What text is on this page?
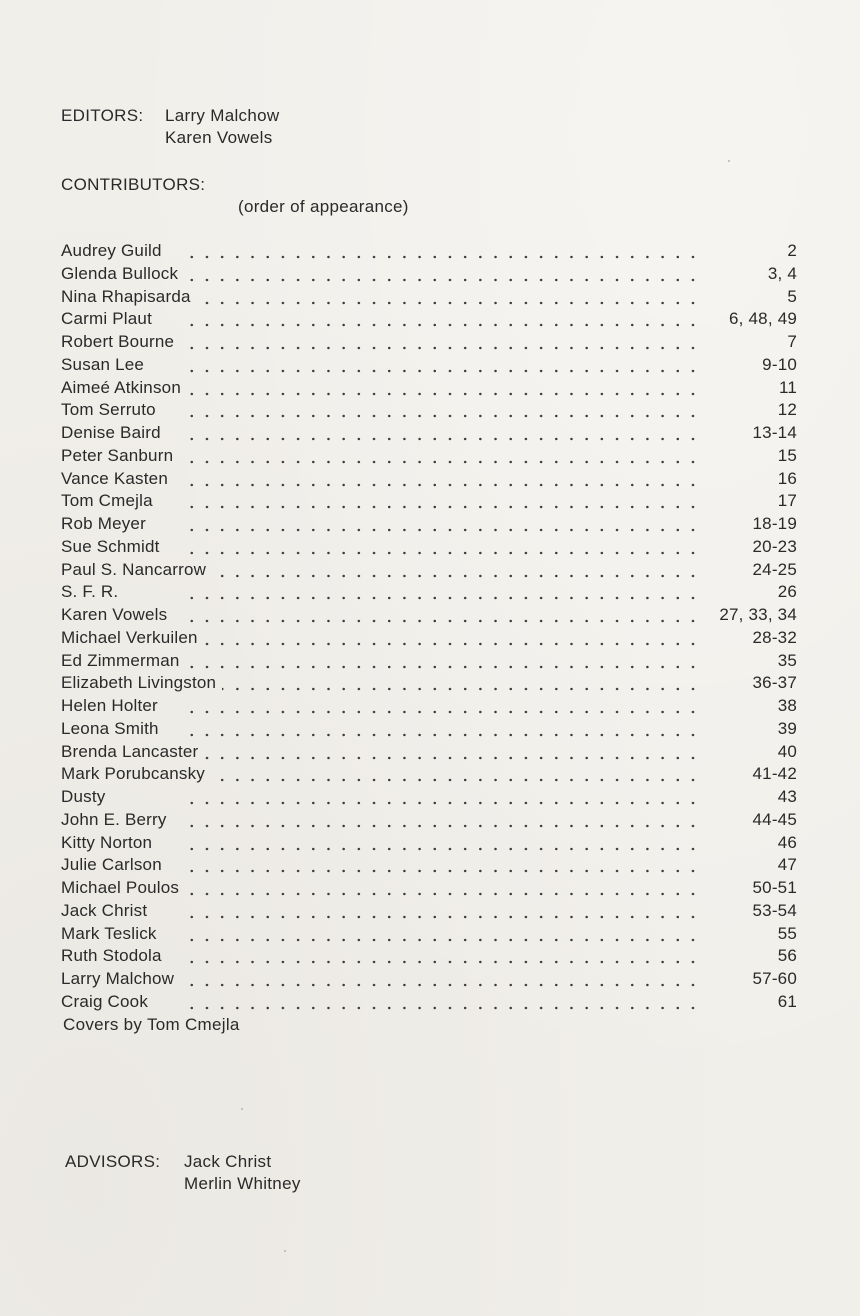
EDITORS: Larry Malchow
Karen Vowels
CONTRIBUTORS:
(order of appearance)
Audrey Guild	2
Glenda Bullock	3, 4
Nina Rhapisarda	5
Carmi Plaut	6, 48, 49
Robert Bourne	7
Susan Lee	9-10
Aimeé Atkinson	11
Tom Serruto	12
Denise Baird	13-14
Peter Sanburn	15
Vance Kasten	16
Tom Cmejla	17
Rob Meyer	18-19
Sue Schmidt	20-23
Paul S. Nancarrow	24-25
S. F. R.	26
Karen Vowels	27, 33, 34
Michael Verkuilen	28-32
Ed Zimmerman	35
Elizabeth Livingston	36-37
Helen Holter	38
Leona Smith	39
Brenda Lancaster	40
Mark Porubcansky	41-42
Dusty	43
John E. Berry	44-45
Kitty Norton	46
Julie Carlson	47
Michael Poulos	50-51
Jack Christ	53-54
Mark Teslick	55
Ruth Stodola	56
Larry Malchow	57-60
Craig Cook	61
Covers by Tom Cmejla
ADVISORS: Jack Christ
Merlin Whitney
